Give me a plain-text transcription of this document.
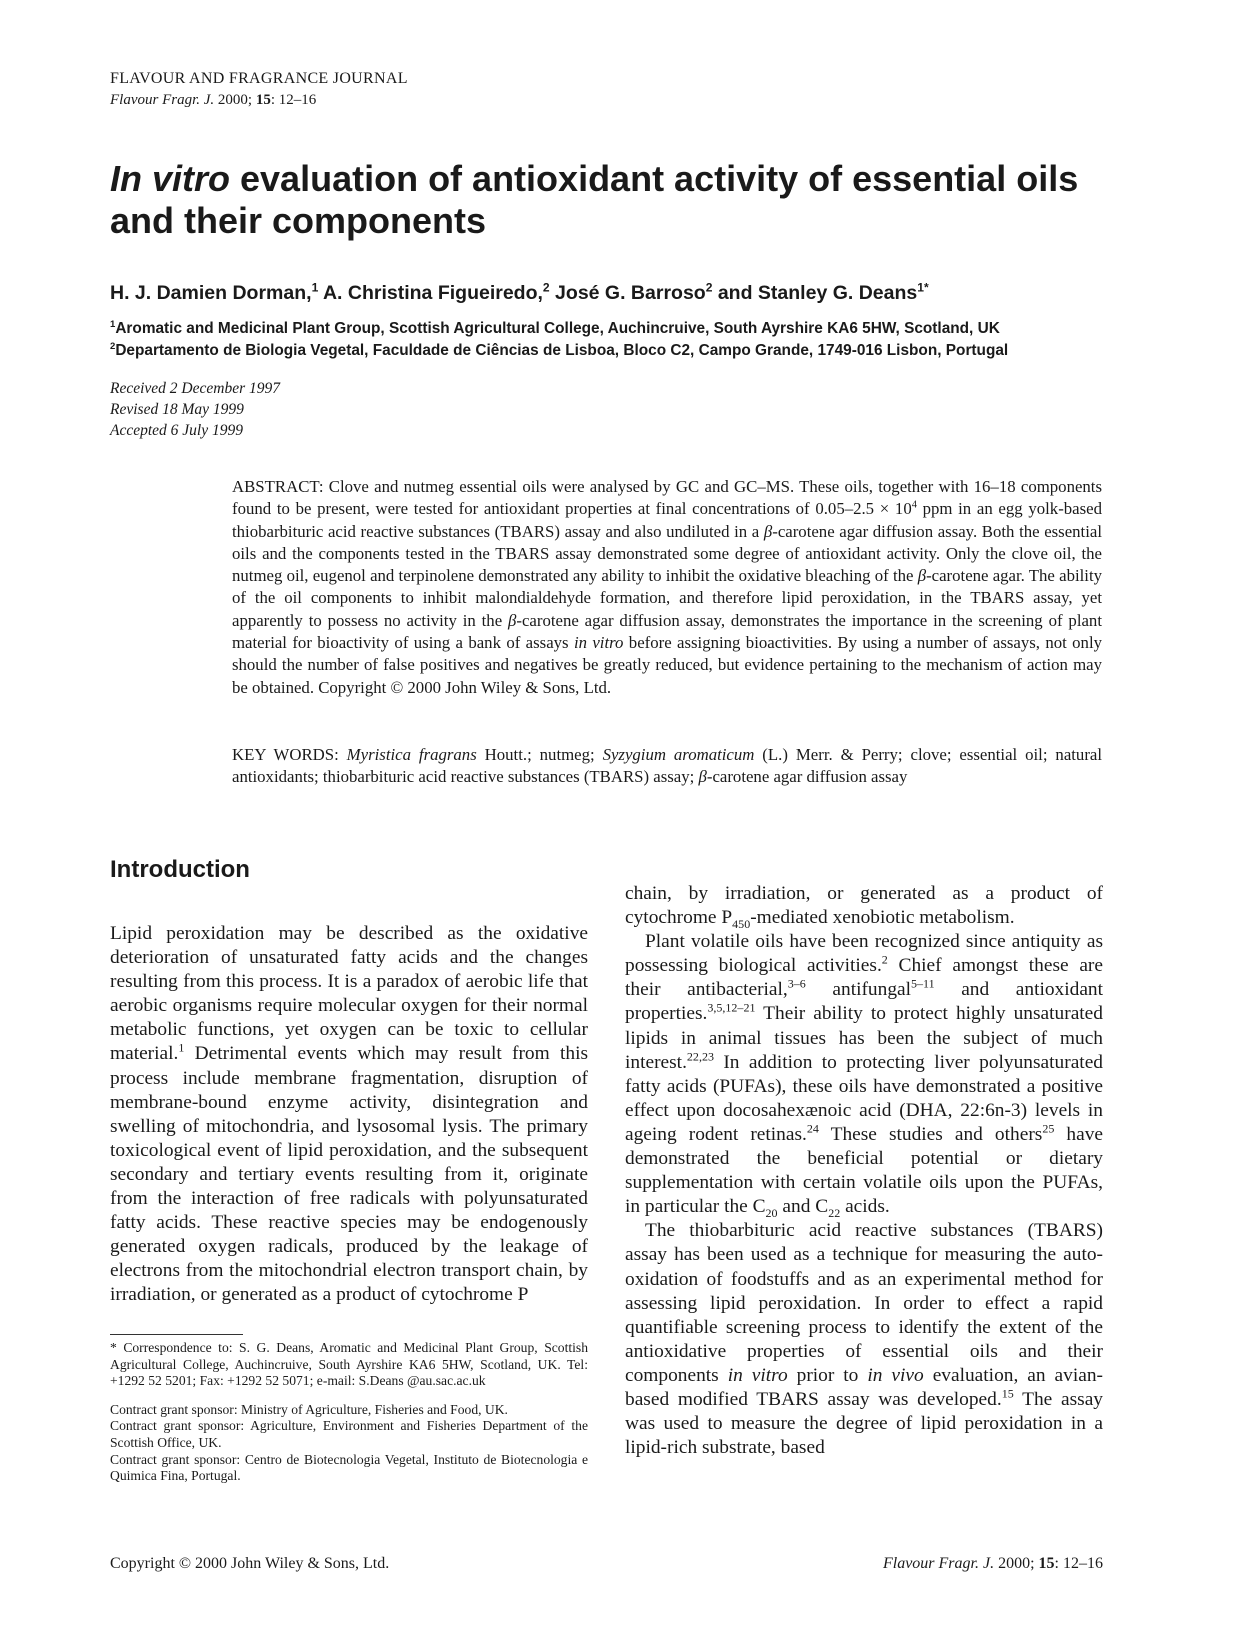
FLAVOUR AND FRAGRANCE JOURNAL
Flavour Fragr. J. 2000; 15: 12–16
In vitro evaluation of antioxidant activity of essential oils and their components
H. J. Damien Dorman,$^1$ A. Christina Figueiredo,$^2$ José G. Barroso$^2$ and Stanley G. Deans$^{1*}$
$^1$Aromatic and Medicinal Plant Group, Scottish Agricultural College, Auchincruive, South Ayrshire KA6 5HW, Scotland, UK
$^2$Departamento de Biologia Vegetal, Faculdade de Ciências de Lisboa, Bloco C2, Campo Grande, 1749-016 Lisbon, Portugal
Received 2 December 1997
Revised 18 May 1999
Accepted 6 July 1999
ABSTRACT: Clove and nutmeg essential oils were analysed by GC and GC–MS. These oils, together with 16–18 components found to be present, were tested for antioxidant properties at final concentrations of $0.05-2.5 \times 10^4$ ppm in an egg yolk-based thiobarbituric acid reactive substances (TBARS) assay and also undiluted in a β-carotene agar diffusion assay. Both the essential oils and the components tested in the TBARS assay demonstrated some degree of antioxidant activity. Only the clove oil, the nutmeg oil, eugenol and terpinolene demonstrated any ability to inhibit the oxidative bleaching of the β-carotene agar. The ability of the oil components to inhibit malondialdehyde formation, and therefore lipid peroxidation, in the TBARS assay, yet apparently to possess no activity in the β-carotene agar diffusion assay, demonstrates the importance in the screening of plant material for bioactivity of using a bank of assays in vitro before assigning bioactivities. By using a number of assays, not only should the number of false positives and negatives be greatly reduced, but evidence pertaining to the mechanism of action may be obtained. Copyright © 2000 John Wiley & Sons, Ltd.
KEY WORDS: Myristica fragrans Houtt.; nutmeg; Syzygium aromaticum (L.) Merr. & Perry; clove; essential oil; natural antioxidants; thiobarbituric acid reactive substances (TBARS) assay; β-carotene agar diffusion assay
Introduction

Lipid peroxidation may be described as the oxidative deterioration of unsaturated fatty acids and the changes resulting from this process. It is a paradox of aerobic life that aerobic organisms require molecular oxygen for their normal metabolic functions, yet oxygen can be toxic to cellular material.$^1$ Detrimental events which may result from this process include membrane fragmentation, disruption of membrane-bound enzyme activity, disintegration and swelling of mitochondria, and lysosomal lysis. The primary toxicological event of lipid peroxidation, and the subsequent secondary and tertiary events resulting from it, originate from the interaction of free radicals with polyunsaturated fatty acids. These reactive species may be endogenously generated oxygen radicals, produced by the leakage of electrons from the mitochondrial electron transport chain, by irradiation, or generated as a product of cytochrome P

chain, by irradiation, or generated as a product of cytochrome $P_{450}$-mediated xenobiotic metabolism.

Plant volatile oils have been recognized since antiquity as possessing biological activities.$^2$ Chief amongst these are their antibacterial,$^{3-6}$ antifungal$^{5-11}$ and antioxidant properties.$^{3,5,12-21}$ Their ability to protect highly unsaturated lipids in animal tissues has been the subject of much interest.$^{22,23}$ In addition to protecting liver polyunsaturated fatty acids (PUFAs), these oils have demonstrated a positive effect upon docosahexænoic acid (DHA, 22:6n-3) levels in ageing rodent retinas.$^{24}$ These studies and others$^{25}$ have demonstrated the beneficial potential or dietary supplementation with certain volatile oils upon the PUFAs, in particular the $C_{20}$ and $C_{22}$ acids.

The thiobarbituric acid reactive substances (TBARS) assay has been used as a technique for measuring the auto-oxidation of foodstuffs and as an experimental method for assessing lipid peroxidation. In order to effect a rapid quantifiable screening process to identify the extent of the antioxidative properties of essential oils and their components in vitro prior to in vivo evaluation, an avian-based modified TBARS assay was developed.$^{15}$ The assay was used to measure the degree of lipid peroxidation in a lipid-rich substrate, based

* Correspondence to: S. G. Deans, Aromatic and Medicinal Plant Group, Scottish Agricultural College, Auchincruive, South Ayrshire KA6 5HW, Scotland, UK. Tel: +1292 52 5201; Fax: +1292 52 5071; e-mail: S.Deans @au.sac.ac.uk

Contract grant sponsor: Ministry of Agriculture, Fisheries and Food, UK.

Contract grant sponsor: Agriculture, Environment and Fisheries Department of the Scottish Office, UK.

Contract grant sponsor: Centro de Biotecnologia Vegetal, Instituto de Biotecnologia e Quimica Fina, Portugal.

Copyright © 2000 John Wiley & Sons, Ltd.	Flavour Fragr. J. 2000; 15: 12–16
